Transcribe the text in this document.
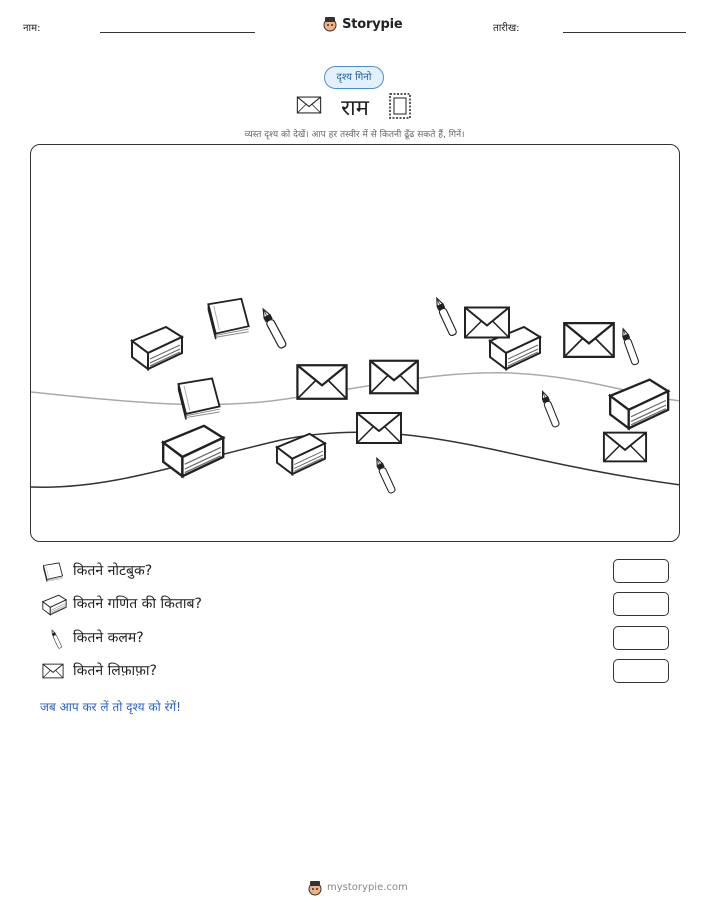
नाम:	Storypie	तारीख:
दृश्य गिनो
राम
व्यस्त दृश्य को देखें। आप हर तस्वीर में से कितनी ढूँढ सकते हैं, गिनें।
कितने नोटबुक?
कितने गणित की किताब?
कितने कलम?
कितने लिफ़ाफ़ा?
जब आप कर लें तो दृश्य को रंगें!
mystorypie.com
